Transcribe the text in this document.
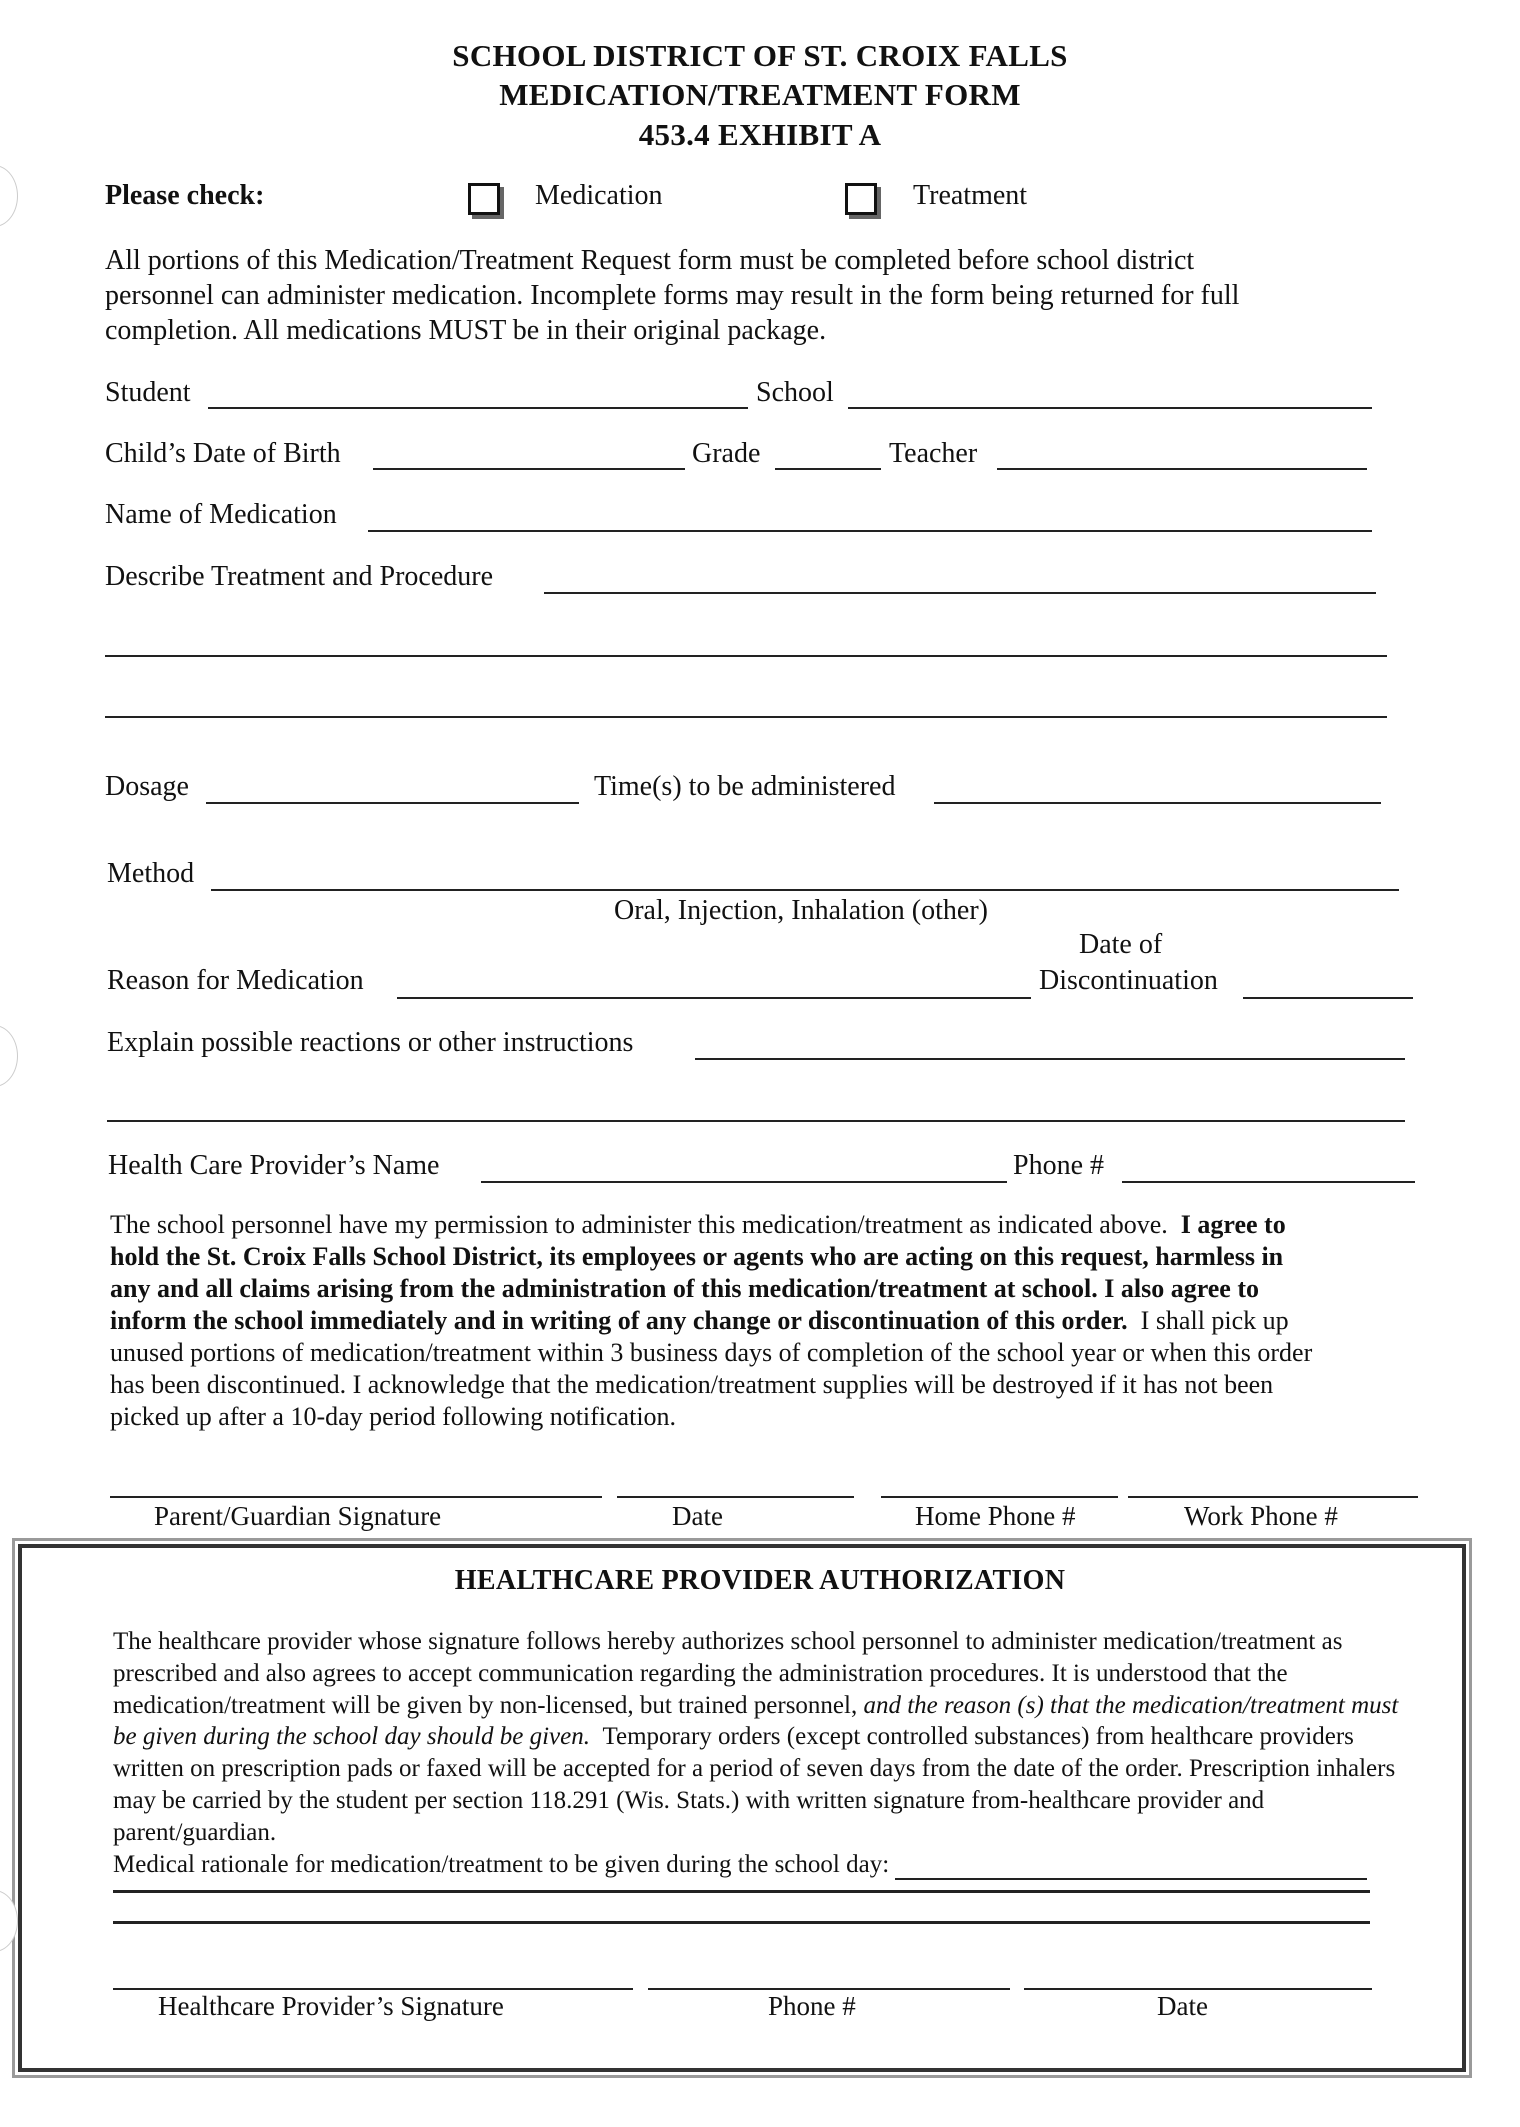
SCHOOL DISTRICT OF ST. CROIX FALLS
MEDICATION/TREATMENT FORM
453.4 EXHIBIT A
Please check:	Medication	Treatment
All portions of this Medication/Treatment Request form must be completed before school district
personnel can administer medication. Incomplete forms may result in the form being returned for full
completion. All medications MUST be in their original package.
Student	School
Child’s Date of Birth	Grade	Teacher
Name of Medication
Describe Treatment and Procedure
Dosage	Time(s) to be administered
Method
Oral, Injection, Inhalation (other)
Reason for Medication
Date of
Discontinuation
Explain possible reactions or other instructions
Health Care Provider’s Name	Phone #
The school personnel have my permission to administer this medication/treatment as indicated above. I agree to
hold the St. Croix Falls School District, its employees or agents who are acting on this request, harmless in
any and all claims arising from the administration of this medication/treatment at school. I also agree to
inform the school immediately and in writing of any change or discontinuation of this order. I shall pick up
unused portions of medication/treatment within 3 business days of completion of the school year or when this order
has been discontinued. I acknowledge that the medication/treatment supplies will be destroyed if it has not been
picked up after a 10-day period following notification.
Parent/Guardian Signature	Date	Home Phone #	Work Phone #
HEALTHCARE PROVIDER AUTHORIZATION
The healthcare provider whose signature follows hereby authorizes school personnel to administer medication/treatment as
prescribed and also agrees to accept communication regarding the administration procedures. It is understood that the
medication/treatment will be given by non-licensed, but trained personnel, and the reason (s) that the medication/treatment must
be given during the school day should be given. Temporary orders (except controlled substances) from healthcare providers
written on prescription pads or faxed will be accepted for a period of seven days from the date of the order. Prescription inhalers
may be carried by the student per section 118.291 (Wis. Stats.) with written signature from-healthcare provider and
parent/guardian.
Medical rationale for medication/treatment to be given during the school day:
Healthcare Provider’s Signature	Phone #	Date
